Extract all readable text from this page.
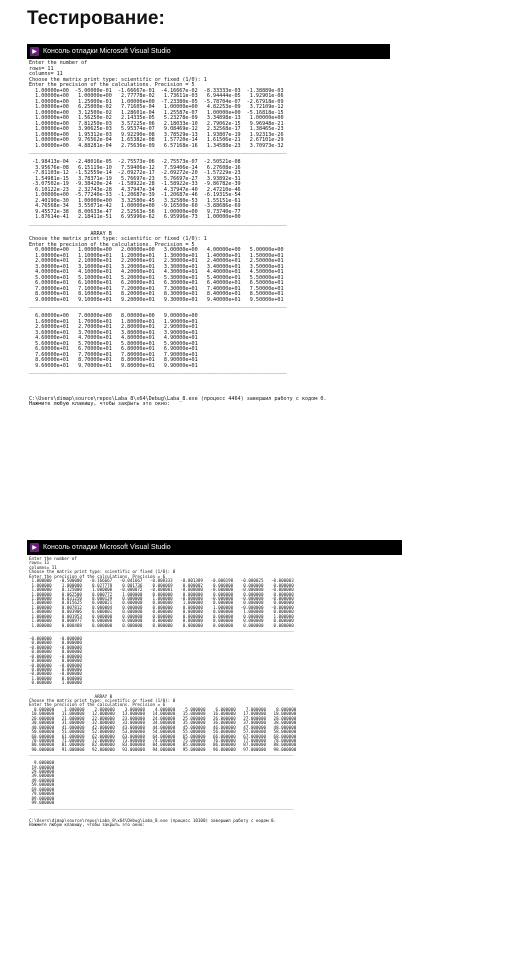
Тестирование:
▶ Консоль отладки Microsoft Visual Studio
Enter the number of
rows= 11
columns= 11
Choose the matrix print type: scientific or fixed (1/0): 1
Enter the precision of the calculations. Precision = 5
1.00000e+00  -5.00000e-01  -1.66667e-01  -4.16667e-02  -8.33333e-03  -1.38889e-03
1.00000e+00   1.00000e+00   2.77778e-02   1.73611e-03   6.94444e-05   1.92901e-06
1.00000e+00   1.25000e-01   1.00000e+00  -7.23380e-05  -5.78704e-07  -2.67918e-09
1.00000e+00   6.25000e-02   7.71605e-04   1.00000e+00   4.82253e-09   3.72109e-12
1.00000e+00   3.12500e-02   1.28601e-04   1.25587e-07   1.00000e+00  -5.16818e-15
1.00000e+00   1.56250e-02   2.14335e-05   5.23278e-09   3.34898e-13   1.00000e+00
1.00000e+00   7.81250e-03   3.57225e-06   2.18033e-10   2.79062e-15   9.96948e-21
1.00000e+00   3.90625e-03   5.95374e-07   9.08469e-12   2.32568e-17   1.38465e-23
1.00000e+00   1.95312e-03   9.92290e-08   3.78529e-13   1.93807e-19   1.92313e-26
1.00000e+00   9.76562e-04   1.65382e-08   1.57720e-14   1.61506e-21   2.67101e-29
1.00000e+00   4.88281e-04   2.75636e-09   6.57168e-16   1.34588e-23   3.70973e-32
____________________________________________________________________________________

-1.98413e-04  -2.48016e-05  -2.75573e-06  -2.75573e-07  -2.50521e-08
3.95676e-08   6.15119e-10   7.59406e-12   7.59406e-14   6.27608e-16
-7.81103e-12  -1.52559e-14  -2.09272e-17  -2.09272e-20  -1.57229e-23
1.54981e-15   3.78371e-19   5.76697e-23   5.76697e-27   3.93892e-31
-3.07502e-19  -9.38420e-24  -1.58922e-28  -1.58922e-33  -9.86782e-39
6.10122e-23   2.32743e-28   4.37947e-34   4.37947e-40   2.47210e-46
1.00000e+00  -5.77240e-33  -1.20687e-39  -1.20687e-46  -6.19315e-54
2.40190e-30   1.00000e+00   3.32580e-45   3.32580e-53   1.55151e-61
4.76568e-34   3.55071e-42   1.00000e+00  -9.16500e-60  -3.88686e-69
9.45572e-38   8.00633e-47   2.52563e-56   1.00000e+00   9.73740e-77
1.87614e-41   2.18411e-51   6.95996e-62   6.95996e-73   1.00000e+00
____________________________________________________________________________________

ARRAY B
Choose the matrix print type: scientific or fixed (1/0): 1
Enter the precision of the calculations. Precision = 5
0.00000e+00   1.00000e+00   2.00000e+00   3.00000e+00   4.00000e+00   5.00000e+00
1.00000e+01   1.10000e+01   1.20000e+01   1.30000e+01   1.40000e+01   1.50000e+01
2.00000e+01   2.10000e+01   2.20000e+01   2.30000e+01   2.40000e+01   2.50000e+01
3.00000e+01   3.10000e+01   3.20000e+01   3.30000e+01   3.40000e+01   3.50000e+01
4.00000e+01   4.10000e+01   4.20000e+01   4.30000e+01   4.40000e+01   4.50000e+01
5.00000e+01   5.10000e+01   5.20000e+01   5.30000e+01   5.40000e+01   5.50000e+01
6.00000e+01   6.10000e+01   6.20000e+01   6.30000e+01   6.40000e+01   6.50000e+01
7.00000e+01   7.10000e+01   7.20000e+01   7.30000e+01   7.40000e+01   7.50000e+01
8.00000e+01   8.10000e+01   8.20000e+01   8.30000e+01   8.40000e+01   8.50000e+01
9.00000e+01   9.10000e+01   9.20000e+01   9.30000e+01   9.40000e+01   9.50000e+01
____________________________________________________________________________________

6.00000e+00   7.00000e+00   8.00000e+00   9.00000e+00
1.60000e+01   1.70000e+01   1.80000e+01   1.90000e+01
2.60000e+01   2.70000e+01   2.80000e+01   2.90000e+01
3.60000e+01   3.70000e+01   3.80000e+01   3.90000e+01
4.60000e+01   4.70000e+01   4.80000e+01   4.90000e+01
5.60000e+01   5.70000e+01   5.80000e+01   5.90000e+01
6.60000e+01   6.70000e+01   6.80000e+01   6.90000e+01
7.60000e+01   7.70000e+01   7.80000e+01   7.90000e+01
8.60000e+01   8.70000e+01   8.80000e+01   8.90000e+01
9.60000e+01   9.70000e+01   9.80000e+01   9.90000e+01
____________________________________________________________________________________

C:\Users\dimap\source\repos\Laba_8\x64\Debug\Laba_8.exe (процесс 4464) завершил работу с кодом 0.
Нажмите любую клавишу, чтобы закрыть это окно:
▶ Консоль отладки Microsoft Visual Studio
Enter the number of
rows= 11
columns= 11
Choose the matrix print type: scientific or fixed (1/0): 0
Enter the precision of the calculations. Precision = 6
1.000000   -0.500000   -0.166667   -0.041667   -0.008333   -0.001389   -0.000198   -0.000025   -0.000003
1.000000    1.000000    0.027778    0.001736    0.000069    0.000002    0.000000    0.000000    0.000000
1.000000    0.125000    1.000000   -0.000072   -0.000001   -0.000000   -0.000000   -0.000000   -0.000000
1.000000    0.062500    0.000772    1.000000    0.000000    0.000000    0.000000    0.000000    0.000000
1.000000    0.031250    0.000129    0.000000    1.000000   -0.000000   -0.000000   -0.000000   -0.000000
1.000000    0.015625    0.000021    0.000000    0.000000    1.000000    0.000000    0.000000    0.000000
1.000000    0.007812    0.000004    0.000000    0.000000    0.000000    1.000000   -0.000000   -0.000000
1.000000    0.003906    0.000001    0.000000    0.000000    0.000000    0.000000    1.000000    0.000000
1.000000    0.001953    0.000000    0.000000    0.000000    0.000000    0.000000    0.000000    1.000000
1.000000    0.000977    0.000000    0.000000    0.000000    0.000000    0.000000    0.000000    0.000000
1.000000    0.000488    0.000000    0.000000    0.000000    0.000000    0.000000    0.000000    0.000000
_________________________________________________________________________________________________________

-0.000000   -0.000000
0.000000    0.000000
-0.000000   -0.000000
0.000000    0.000000
-0.000000   -0.000000
0.000000    0.000000
-0.000000   -0.000000
0.000000    0.000000
-0.000000   -0.000000
1.000000    0.000000
0.000000    1.000000
_________________________________________________________________________________________________________

ARRAY B
Choose the matrix print type: scientific or fixed (1/0): 0
Enter the precision of the calculations. Precision = 6
0.000000    1.000000    2.000000    3.000000    4.000000    5.000000    6.000000    7.000000    8.000000
10.000000   11.000000   12.000000   13.000000   14.000000   15.000000   16.000000   17.000000   18.000000
20.000000   21.000000   22.000000   23.000000   24.000000   25.000000   26.000000   27.000000   28.000000
30.000000   31.000000   32.000000   33.000000   34.000000   35.000000   36.000000   37.000000   38.000000
40.000000   41.000000   42.000000   43.000000   44.000000   45.000000   46.000000   47.000000   48.000000
50.000000   51.000000   52.000000   53.000000   54.000000   55.000000   56.000000   57.000000   58.000000
60.000000   61.000000   62.000000   63.000000   64.000000   65.000000   66.000000   67.000000   68.000000
70.000000   71.000000   72.000000   73.000000   74.000000   75.000000   76.000000   77.000000   78.000000
80.000000   81.000000   82.000000   83.000000   84.000000   85.000000   86.000000   87.000000   88.000000
90.000000   91.000000   92.000000   93.000000   94.000000   95.000000   96.000000   97.000000   98.000000
_________________________________________________________________________________________________________

9.000000
19.000000
29.000000
39.000000
49.000000
59.000000
69.000000
79.000000
89.000000
99.000000
_________________________________________________________________________________________________________

C:\Users\dimap\source\repos\Laba_8\x64\Debug\Laba_8.exe (процесс 10100) завершил работу с кодом 0.
Нажмите любую клавишу, чтобы закрыть это окно:
